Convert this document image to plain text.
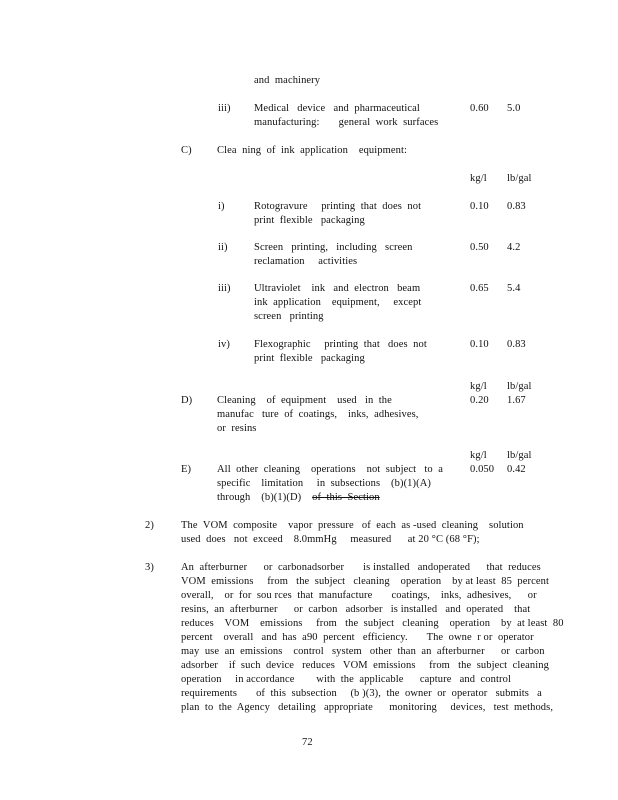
and  machinery
iii) Medical   device   and  pharmaceutical
manufacturing:       general  work  surfaces
0.60 5.0
C) Clea  ning  of  ink  application    equipment:
kg/l lb/gal
i)	Rotogravure     printing  that  does  not
print  flexible   packaging
0.10 0.83
ii)	Screen   printing,   including   screen
reclamation     activities
0.50 4.2
iii) Ultraviolet    ink   and  electron   beam
ink  application    equipment,     except
screen   printing
0.65 5.4
iv) Flexographic     printing  that   does  not
print  flexible   packaging
0.10 0.83
kg/l lb/gal
D) Cleaning    of  equipment    used   in  the
manufac   ture  of  coatings,    inks,  adhesives,
or  resins
0.20 1.67
kg/l lb/gal
E) All  other  cleaning    operations    not  subject   to  a
specific    limitation     in  subsections    (b)(1)(A)
through    (b)(1)(D)    of  this  Section
0.050 0.42
2)	The  VOM  composite    vapor  pressure   of  each  as -used  cleaning    solution
used  does   not  exceed    8.0mmHg     measured      at 20 °C (68 °F);
3)	An  afterburner      or  carbonadsorber       is installed   andoperated      that  reduces
VOM  emissions     from   the  subject   cleaning    operation    by at least  85  percent
overall,    or  for  sou rces  that  manufacture       coatings,    inks,  adhesives,      or
resins,  an  afterburner      or  carbon   adsorber   is installed   and  operated    that
reduces    VOM    emissions     from   the  subject   cleaning    operation    by  at least  80
percent    overall   and  has  a90  percent   efficiency.       The  owne  r or  operator
may  use  an  emissions    control   system   other  than  an  afterburner      or  carbon
adsorber    if  such  device   reduces   VOM  emissions     from   the  subject  cleaning
operation     in accordance        with  the  applicable      capture   and  control
requirements       of  this  subsection     (b )(3),  the  owner  or  operator   submits   a
plan  to  the  Agency   detailing   appropriate      monitoring     devices,   test  methods,
72
